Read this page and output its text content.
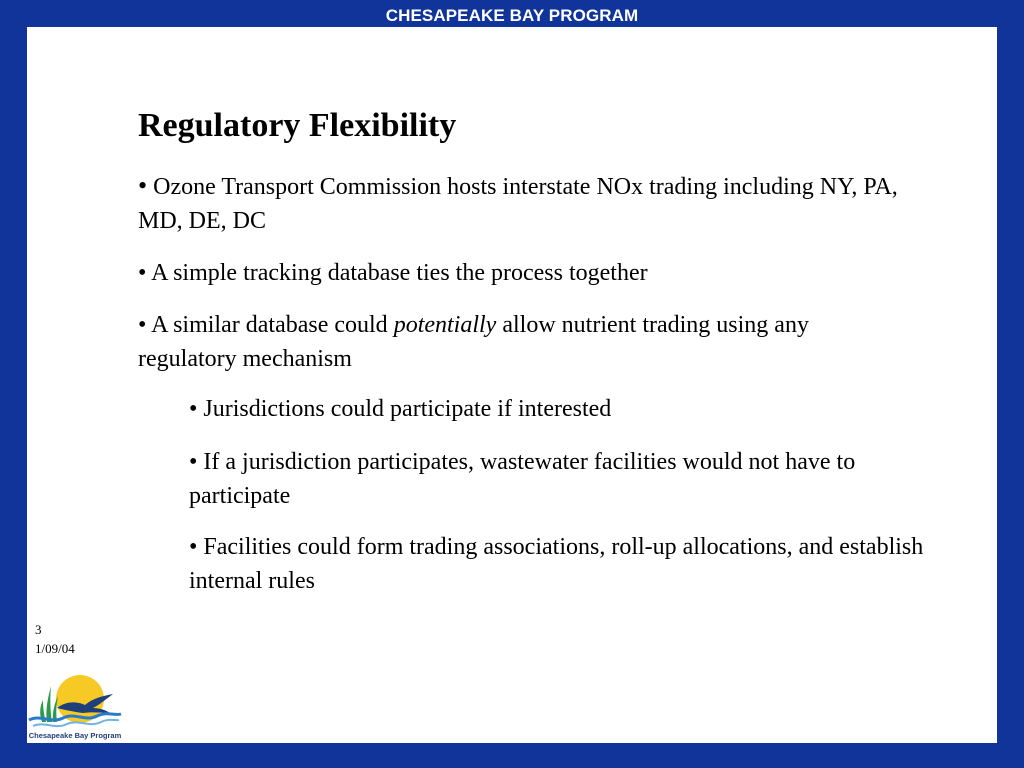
CHESAPEAKE BAY PROGRAM
Regulatory Flexibility
• Ozone Transport Commission hosts interstate NOx trading including NY, PA, MD, DE, DC
• A simple tracking database ties the process together
• A similar database could potentially allow nutrient trading using any regulatory mechanism
• Jurisdictions could participate if interested
• If a jurisdiction participates, wastewater facilities would not have to participate
• Facilities could form trading associations, roll-up allocations, and establish internal rules
3
1/09/04
Chesapeake Bay Program
